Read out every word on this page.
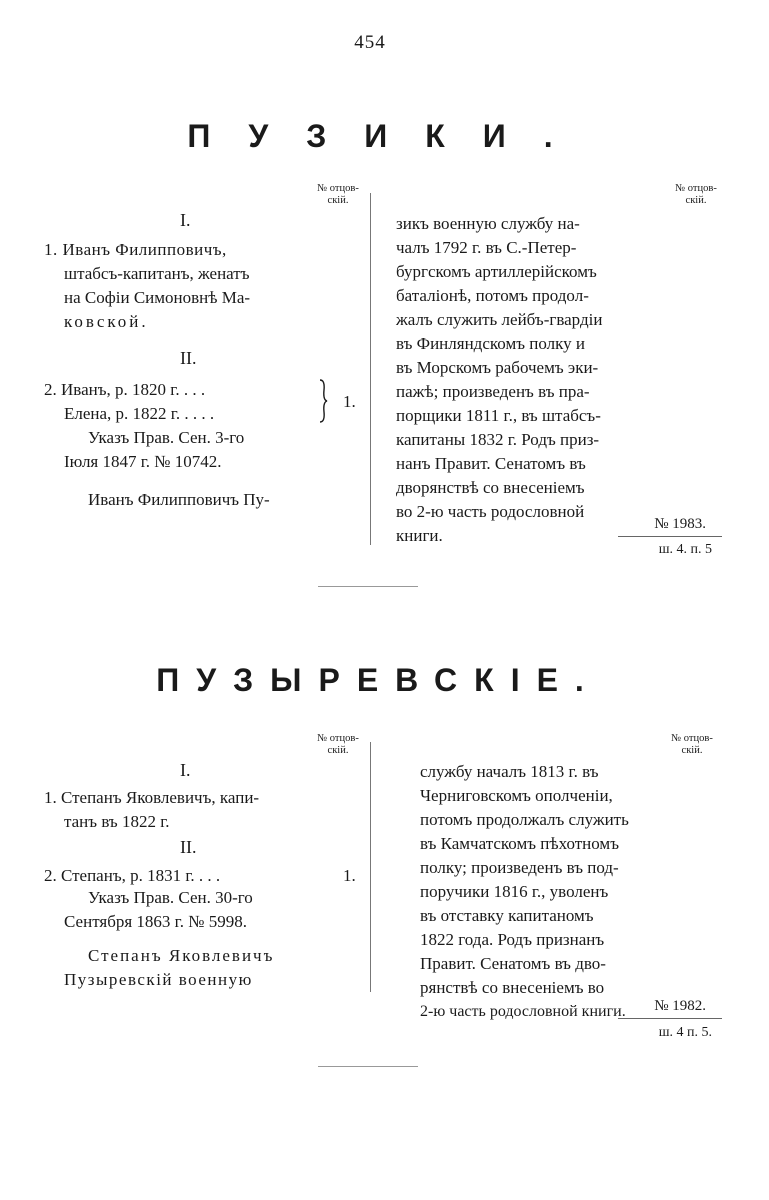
454
ПУЗИКИ.
№ отцов-
скій.
№ отцов-
скій.
I.
1. Иванъ Филипповичъ,
штабсъ-капитанъ, женатъ
на Софіи Симоновнѣ Ма-
ковской.
II.
2. Иванъ, р. 1820 г. . . .
Елена, р. 1822 г. . . . .
1.
Указъ Прав. Сен. 3-го
Іюля 1847 г. № 10742.
Иванъ Филипповичъ Пу-
зикъ военную службу на-
чалъ 1792 г. въ С.-Петер-
бургскомъ артиллерійскомъ
баталіонѣ, потомъ продол-
жалъ служить лейбъ-гвардіи
въ Финляндскомъ полку и
въ Морскомъ рабочемъ эки-
пажѣ; произведенъ въ пра-
порщики 1811 г., въ штабсъ-
капитаны 1832 г. Родъ приз-
нанъ Правит. Сенатомъ въ
дворянствѣ со внесеніемъ
во 2-ю часть родословной
книги.
№ 1983.
ш. 4. п. 5
ПУЗЫРЕВСКІЕ.
№ отцов-
скій.
№ отцов-
скій.
I.
1. Степанъ Яковлевичъ, капи-
танъ въ 1822 г.
II.
2. Степанъ, р. 1831 г. . . .	1.
Указъ Прав. Сен. 30-го
Сентября 1863 г. № 5998.
Степанъ Яковлевичъ
Пузыревскій военную
службу началъ 1813 г. въ
Черниговскомъ ополченіи,
потомъ продолжалъ служить
въ Камчатскомъ пѣхотномъ
полку; произведенъ въ под-
поручики 1816 г., уволенъ
въ отставку капитаномъ
1822 года. Родъ признанъ
Правит. Сенатомъ въ дво-
рянствѣ со внесеніемъ во
2-ю часть родословной книги.	№ 1982.
ш. 4 п. 5.
